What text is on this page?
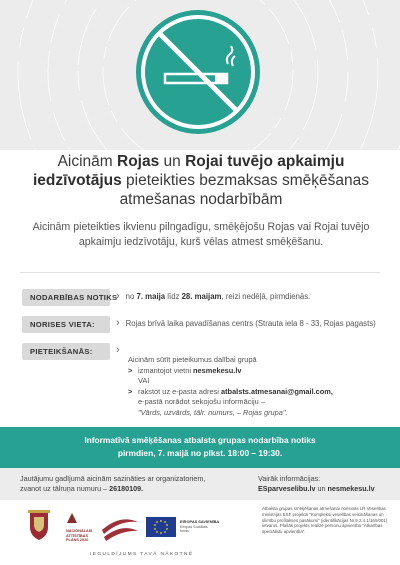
Aicinām Rojas un Rojai tuvējo apkaimju iedzīvotājus pieteikties bezmaksas smēķēšanas atmešanas nodarbībām
Aicinām pieteikties ikvienu pilngadīgu, smēķējošu Rojas vai Rojai tuvējo apkaimju iedzīvotāju, kurš vēlas atmest smēķēšanu.
NODARBĪBAS NOTIKS
› no 7. maija līdz 28. maijam, reizi nedēļā, pirmdienās.
NORISES VIETA:	› Rojas brīvā laika pavadīšanas centrs (Strauta iela 8 - 33, Rojas pagasts)
PIETEIKŠANĀS:	›
Aicinām sūtīt pieteikumus dalībai grupā
> izmantojot vietni nesmekesu.lv
VAI
> rakstot uz e-pasta adresi atbalsts.atmesanai@gmail.com,
e-pastā norādot sekojošu informāciju –
"Vārds, uzvārds, tālr. numurs, – Rojas grupa".
Informatīvā smēķēšanas atbalsta grupas nodarbība notiks
pirmdien, 7. maijā no plkst. 18:00 – 19:30.
Jautājumu gadījumā aicinām sazināties ar organizatoriem,
zvanot uz tālruņa numuru – 26180109.
Vairāk informācijas:
ESparveselibu.lv un nesmekesu.lv
NACIONĀLAIS ATTĪSTĪBAS PLĀNS 2020
EIROPAS SAVIENĪBA
Eiropas Sociālais
fonds
IEGULDĪJUMS TAVĀ NĀKOTNĒ
Atbalsta grupas smēķēšanas atmešanai norisinās LR Veselības ministrijas ESF projekta "Kompleksi veselības veicināšanas un slimību profilakses pasākumi" (identifikācijas Nr.9.2.4.1/16/I/001) ietvaros. Plašāk projekts realizē personu apvienība "Atkarības speciālistu apvienība".
